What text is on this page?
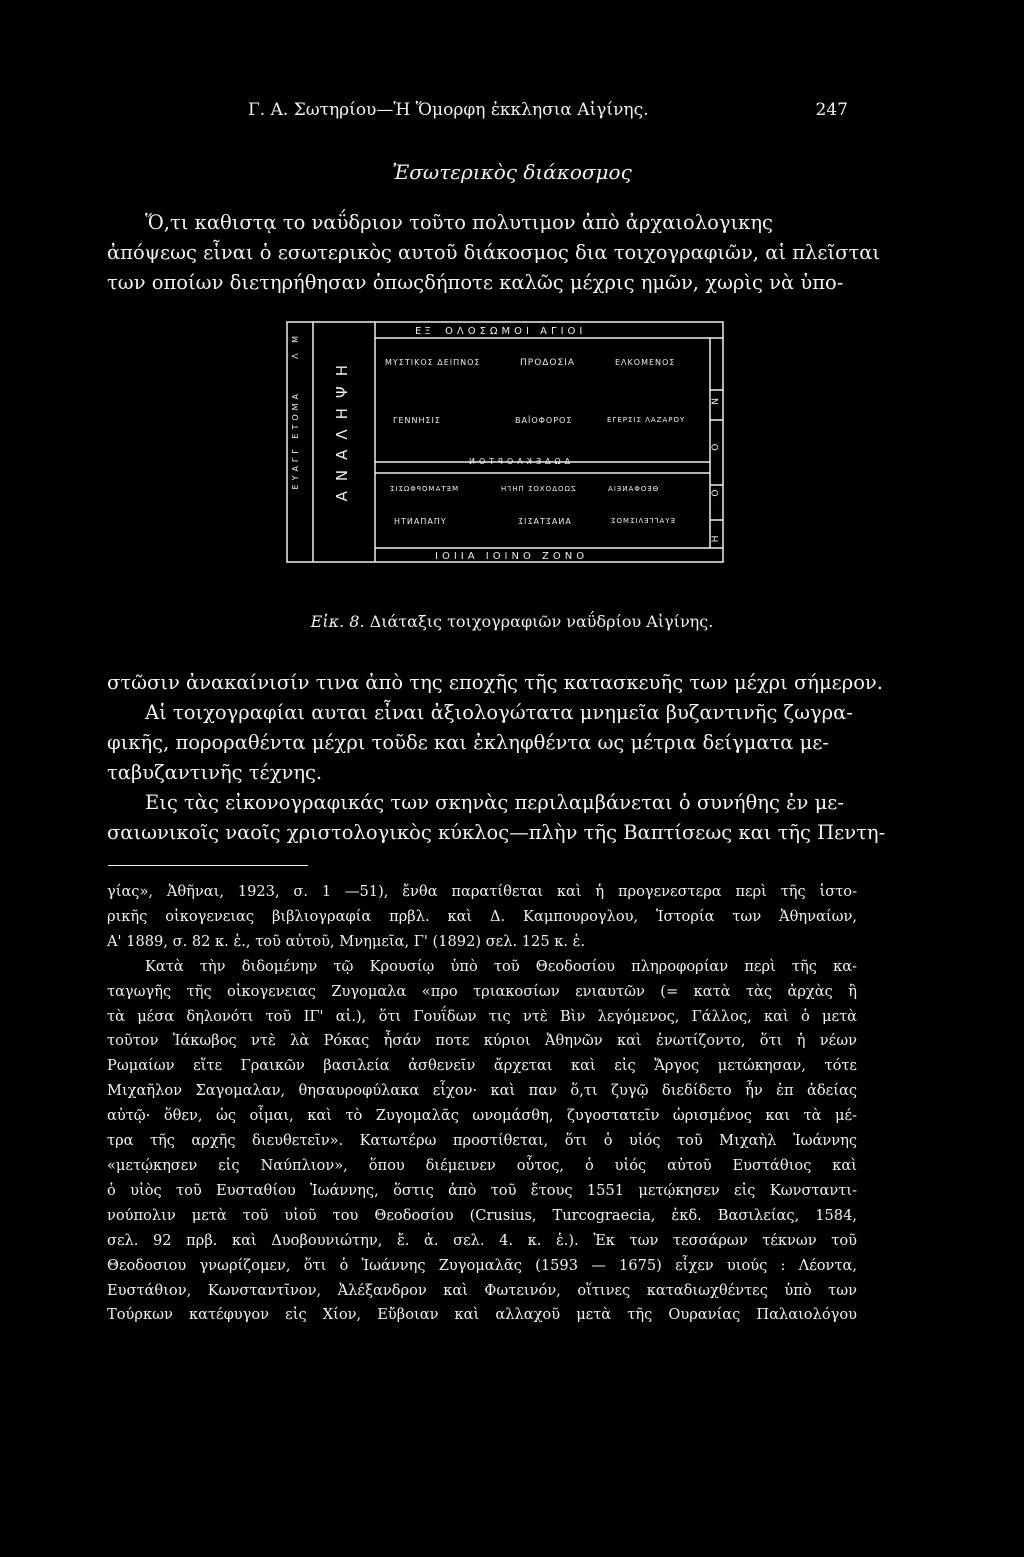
Γ. Α. Σωτηρίου—Ἡ Ὅμορφη ἐκκλησια Αἰγίνης.	247
Ἐσωτερικὸς διάκοσμος

Ὅ,τι καθιστᾳ το ναΰδριον τοῦτο πολυτιμον ἀπὸ ἀρχαιολογικης
ἀπόψεως εἶναι ὁ εσωτερικὸς αυτοῦ διάκοσμος δια τοιχογραφιῶν, αἱ πλεῖσται
των οποίων διετηρήθησαν ὁπωςδήποτε καλῶς μέχρις ημῶν, χωρὶς νὰ ὑπο-

ΕΞ ΟΛΟΣΩΜΟΙ ΑΓΙΟΙ
ΕΥΑΓΓ ΕΤΟΜΑ
Λ Μ
ΑΝΑΛΗΨΗ	Η Ο Ο Ν
ΜΥΣΤΙΚΟΣ ΔΕΙΠΝΟΣ	ΠΡΟΔΟΣΙΑ	ΕΛΚΟΜΕΝΟΣ
ΓΕΝΝΗΣΙΣ	ΒΑΪΟΦΟΡΟΣ	ΕΓΕΡΣΙΣ ΛΑΖΑΡΟΥ
ΔΩΔΕΚΑΟΡΤΟΝ
ΜΕΤΑΜΟΡΦΩΣΙΣ	ΖΩΟΔΟΧΟΣ ΠΗΓΗ	ΘΕΟΦΑΝΕΙΑ
ΥΠΑΠΑΝΤΗ	ΑΝΑΣΤΑΣΙΣ	ΕΥΑΓΓΕΛΙΣΜΟΣ
ΙΟΙΙΑ ΙΟΙΝΟ ΖΟΝΟ
Εἰκ. 8. Διάταξις τοιχογραφιῶν ναΰδρίου Αἰγίνης.

στῶσιν ἀνακαίνισίν τινα ἀπὸ της εποχῆς τῆς κατασκευῆς των μέχρι σήμερον.
Αἱ τοιχογραφίαι αυται εἶναι ἀξιολογώτατα μνημεῖα βυζαντινῆς ζωγρα-
φικῆς, πορoραθέντα μέχρι τοῦδε και ἐκληφθέντα ως μέτρια δείγματα με-
ταβυζαντινῆς τέχνης.
Εις τὰς εἰκονογραφικάς των σκηνὰς περιλαμβάνεται ὁ συνήθης ἐν με-
σαιωνικοῖς ναοῖς χριστολογικὸς κύκλος—πλὴν τῆς Βαπτίσεως και τῆς Πεντη-

γίας», Ἀθῆναι, 1923, σ. 1 —51), ἔνθα παρατίθεται καὶ ἡ προγενεστερα περὶ τῆς ἱστο-
ρικῆς οἰκογενειας βιβλιογραφία πρβλ. καὶ Δ. Καμπουρογλου, Ἱστορία των Ἀθηναίων,
Α' 1889, σ. 82 κ. ἑ., τοῦ αὐτοῦ, Μνημεῖα, Γ' (1892) σελ. 125 κ. ἑ.
Κατὰ τὴν διδομένην τῷ Κρουσίῳ ὑπὸ τοῦ Θεοδοσίου πληροφορίαν περὶ τῆς κα-
ταγωγῆς τῆς οἰκογενειας Ζυγομαλα «προ τριακοσίων ενιαυτῶν (= κατὰ τὰς ἀρχὰς ἢ
τὰ μέσα δηλονότι τοῦ ΙΓ' αἰ.), ὅτι Γουΐδων τις ντὲ Βὶν λεγόμενος, Γάλλος, καὶ ὁ μετὰ
τοῦτον Ἰάκωβος ντὲ λὰ Ρόκας ἦσάν ποτε κύριοι Ἀθηνῶν καὶ ἐνωτίζοντο, ὅτι ἡ νέων
Ρωμαίων εἴτε Γραικῶν βασιλεία ἀσθενεῖν ἄρχεται καὶ εἰς Ἄργος μετώκησαν, τότε
Μιχαῆλον Σαγομαλαν, θησαυροφύλακα εἶχον· καὶ παν ὅ,τι ζυγῷ διεδίδετο ἦν ἐπ ἀδείας
αὐτῷ· ὅθεν, ὡς οἶμαι, καὶ τὸ Ζυγομαλᾶς ωνομάσθη, ζυγοστατεῖν ὡρισμένος και τὰ μέ-
τρα τῆς αρχῆς διευθετεῖν». Κατωτέρω προστίθεται, ὅτι ὁ υἱός τοῦ Μιχαὴλ Ἰωάννης
«μετῴκησεν εἰς Ναύπλιον», ὅπου διέμεινεν οὗτος, ὁ υἱός αὐτοῦ Ευστάθιος καὶ
ὁ υἱὸς τοῦ Ευσταθίου Ἰωάννης, ὅστις ἀπὸ τοῦ ἔτους 1551 μετῴκησεν εἰς Κωνσταντι-
νούπολιν μετὰ τοῦ υἱοῦ του Θεοδοσίου (Crusius, Turcograecia, ἐκδ. Βασιλείας, 1584,
σελ. 92 πρβ. καὶ Δυοβουνιώτην, ἔ. ἀ. σελ. 4. κ. ἑ.). Ἐκ των τεσσάρων τέκνων τοῦ
Θεοδοσιου γνωρίζομεν, ὅτι ὁ Ἰωάννης Ζυγομαλᾶς (1593 — 1675) εἶχεν υιούς : Λέοντα,
Ευστάθιον, Κωνσταντῖνον, Ἀλέξανδρον καὶ Φωτεινόν, οἵτινες καταδιωχθέντες ὑπὸ των
Τούρκων κατέφυγον εἰς Χίον, Εὔβοιαν καὶ αλλαχοῦ μετὰ τῆς Ουρανίας Παλαιολόγου
